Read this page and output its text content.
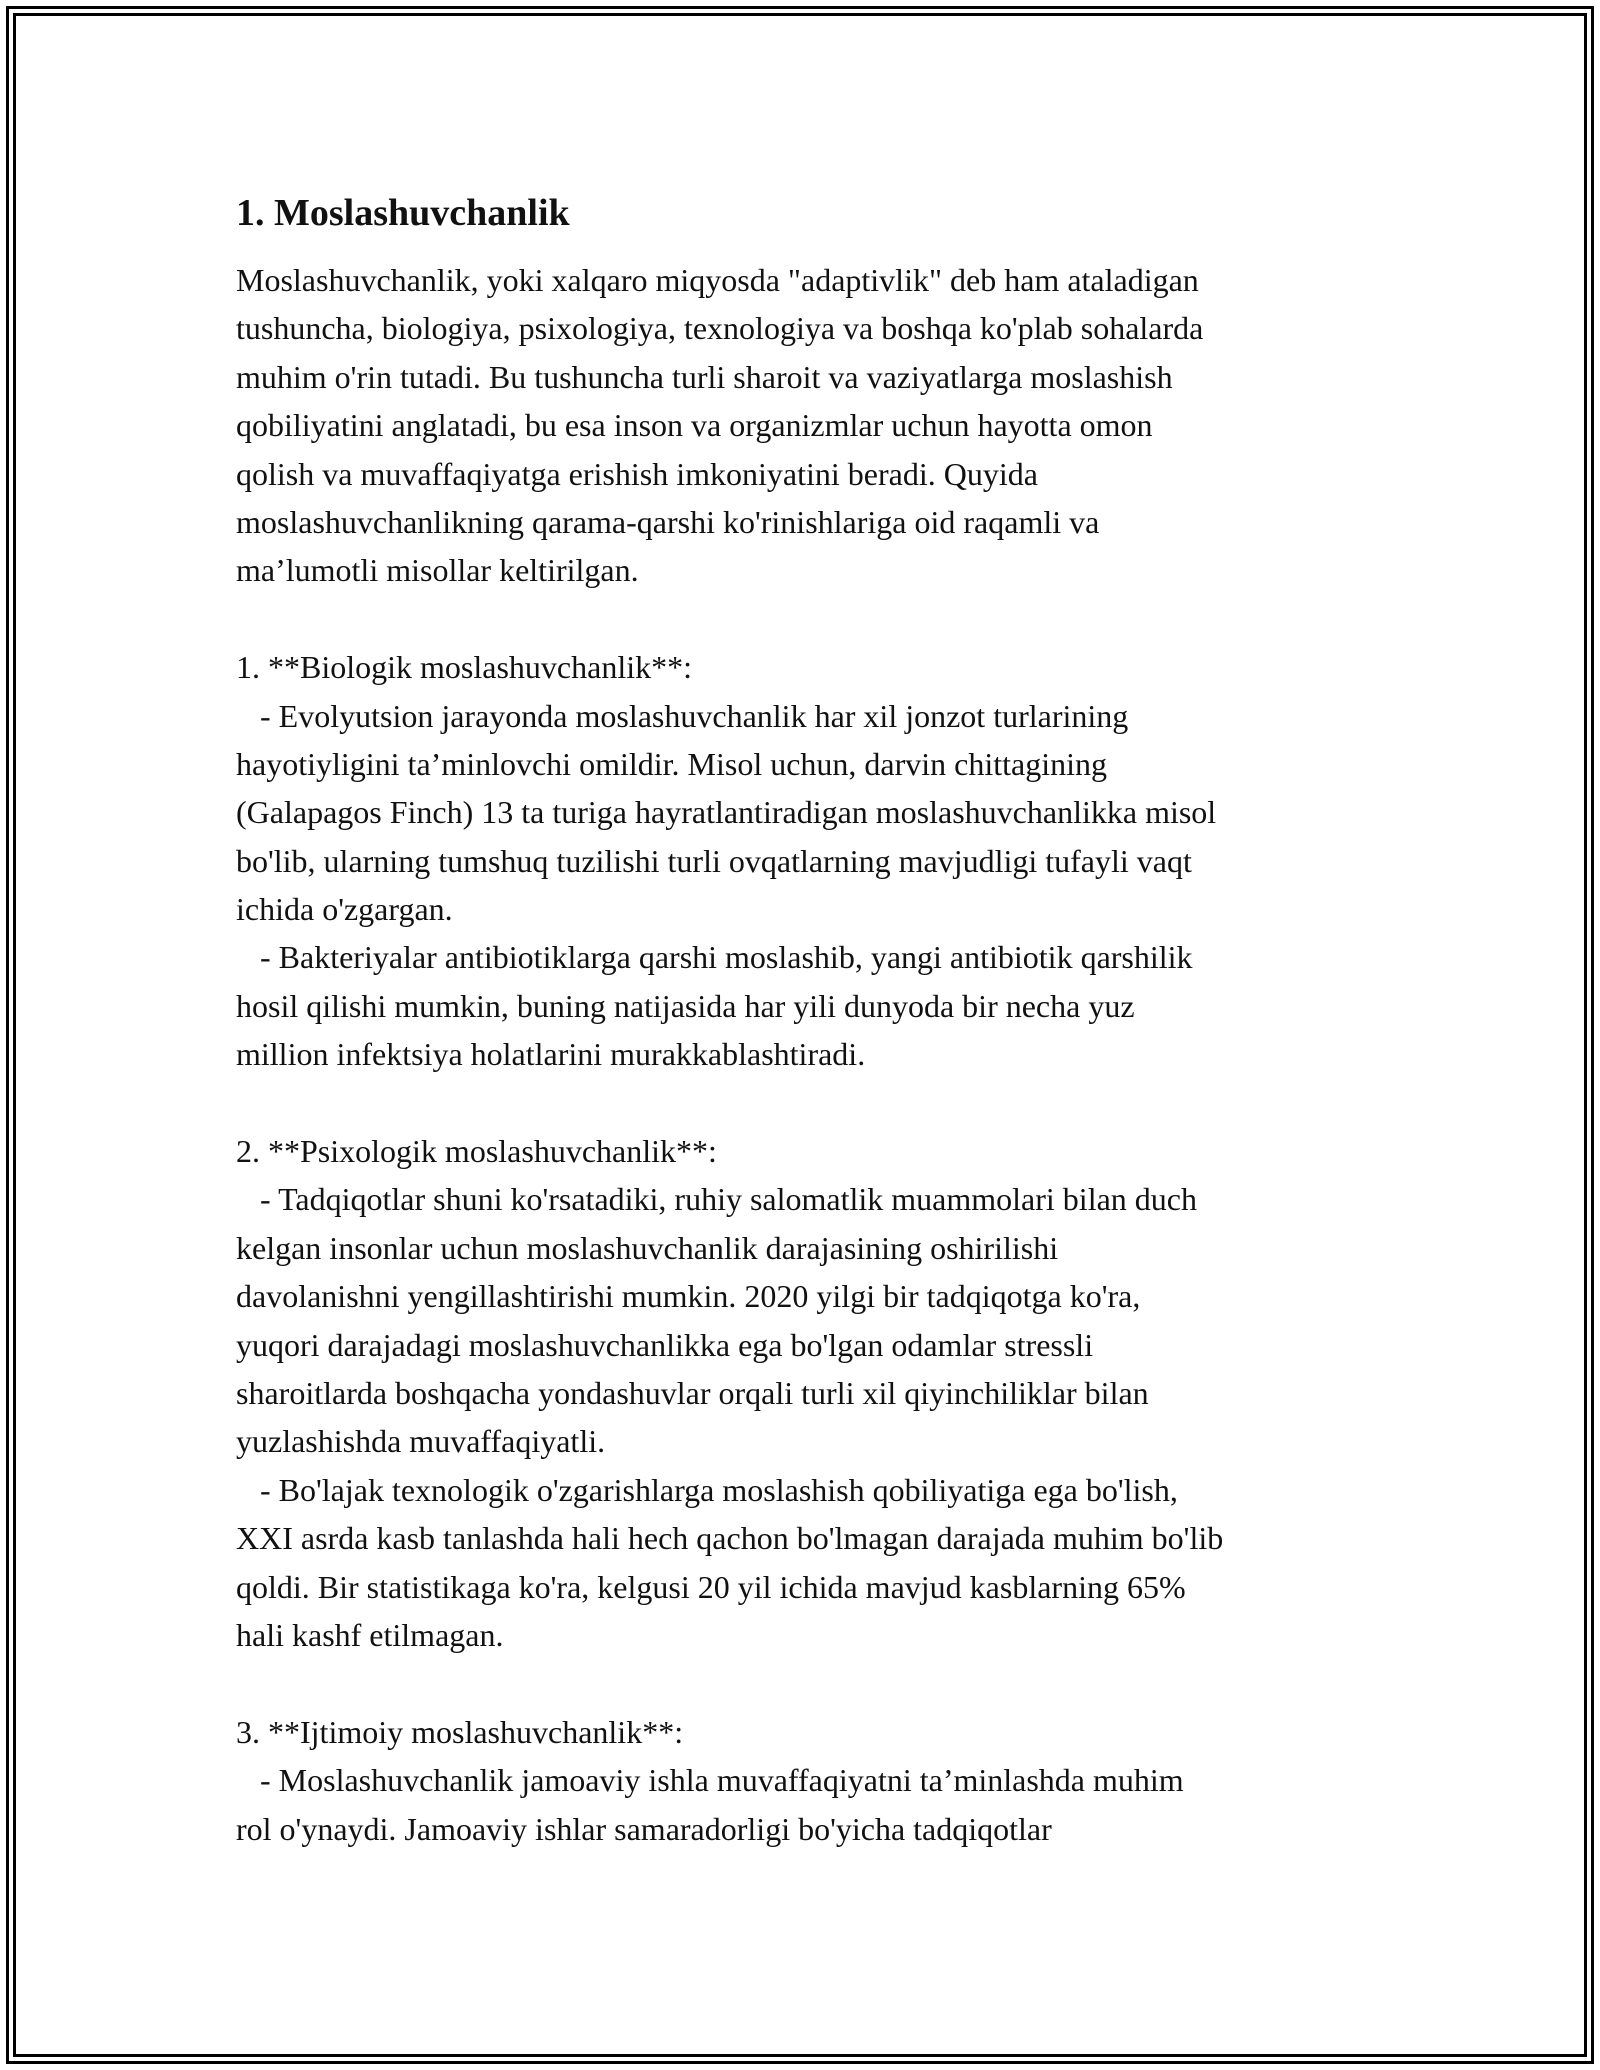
1. Moslashuvchanlik
Moslashuvchanlik, yoki xalqaro miqyosda "adaptivlik" deb ham ataladigan
tushuncha, biologiya, psixologiya, texnologiya va boshqa ko'plab sohalarda
muhim o'rin tutadi. Bu tushuncha turli sharoit va vaziyatlarga moslashish
qobiliyatini anglatadi, bu esa inson va organizmlar uchun hayotta omon
qolish va muvaffaqiyatga erishish imkoniyatini beradi. Quyida
moslashuvchanlikning qarama-qarshi ko'rinishlariga oid raqamli va
ma’lumotli misollar keltirilgan.
1. **Biologik moslashuvchanlik**:
- Evolyutsion jarayonda moslashuvchanlik har xil jonzot turlarining
hayotiyligini ta’minlovchi omildir. Misol uchun, darvin chittagining
(Galapagos Finch) 13 ta turiga hayratlantiradigan moslashuvchanlikka misol
bo'lib, ularning tumshuq tuzilishi turli ovqatlarning mavjudligi tufayli vaqt
ichida o'zgargan.
- Bakteriyalar antibiotiklarga qarshi moslashib, yangi antibiotik qarshilik
hosil qilishi mumkin, buning natijasida har yili dunyoda bir necha yuz
million infektsiya holatlarini murakkablashtiradi.
2. **Psixologik moslashuvchanlik**:
- Tadqiqotlar shuni ko'rsatadiki, ruhiy salomatlik muammolari bilan duch
kelgan insonlar uchun moslashuvchanlik darajasining oshirilishi
davolanishni yengillashtirishi mumkin. 2020 yilgi bir tadqiqotga ko'ra,
yuqori darajadagi moslashuvchanlikka ega bo'lgan odamlar stressli
sharoitlarda boshqacha yondashuvlar orqali turli xil qiyinchiliklar bilan
yuzlashishda muvaffaqiyatli.
- Bo'lajak texnologik o'zgarishlarga moslashish qobiliyatiga ega bo'lish,
XXI asrda kasb tanlashda hali hech qachon bo'lmagan darajada muhim bo'lib
qoldi. Bir statistikaga ko'ra, kelgusi 20 yil ichida mavjud kasblarning 65%
hali kashf etilmagan.
3. **Ijtimoiy moslashuvchanlik**:
- Moslashuvchanlik jamoaviy ishla muvaffaqiyatni ta’minlashda muhim
rol o'ynaydi. Jamoaviy ishlar samaradorligi bo'yicha tadqiqotlar
